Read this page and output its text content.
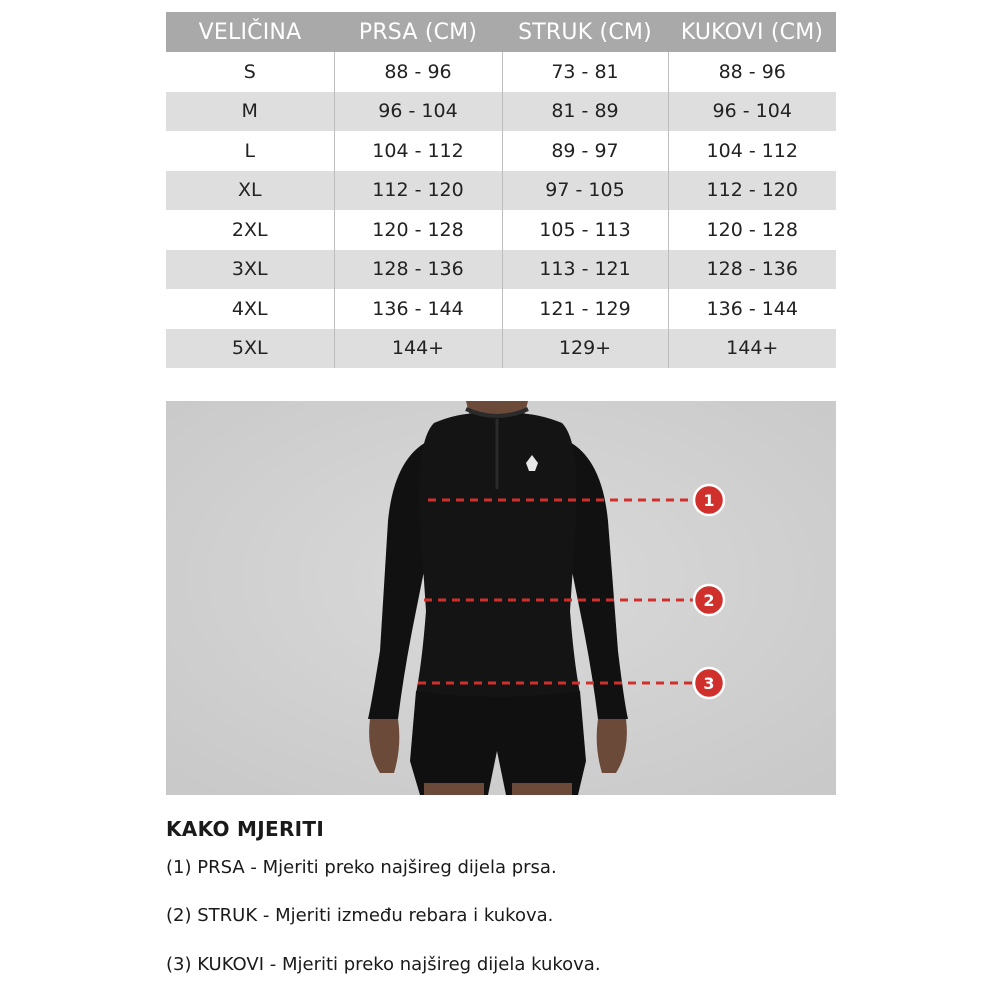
VELIČINA	PRSA (CM)	STRUK (CM)	KUKOVI (CM)
S	88 - 96	73 - 81	88 - 96
M	96 - 104	81 - 89	96 - 104
L	104 - 112	89 - 97	104 - 112
XL	112 - 120	97 - 105	112 - 120
2XL	120 - 128	105 - 113	120 - 128
3XL	128 - 136	113 - 121	128 - 136
4XL	136 - 144	121 - 129	136 - 144
5XL	144+	129+	144+
1
2
3
KAKO MJERITI
(1) PRSA - Mjeriti preko najšireg dijela prsa.
(2) STRUK - Mjeriti između rebara i kukova.
(3) KUKOVI - Mjeriti preko najšireg dijela kukova.
